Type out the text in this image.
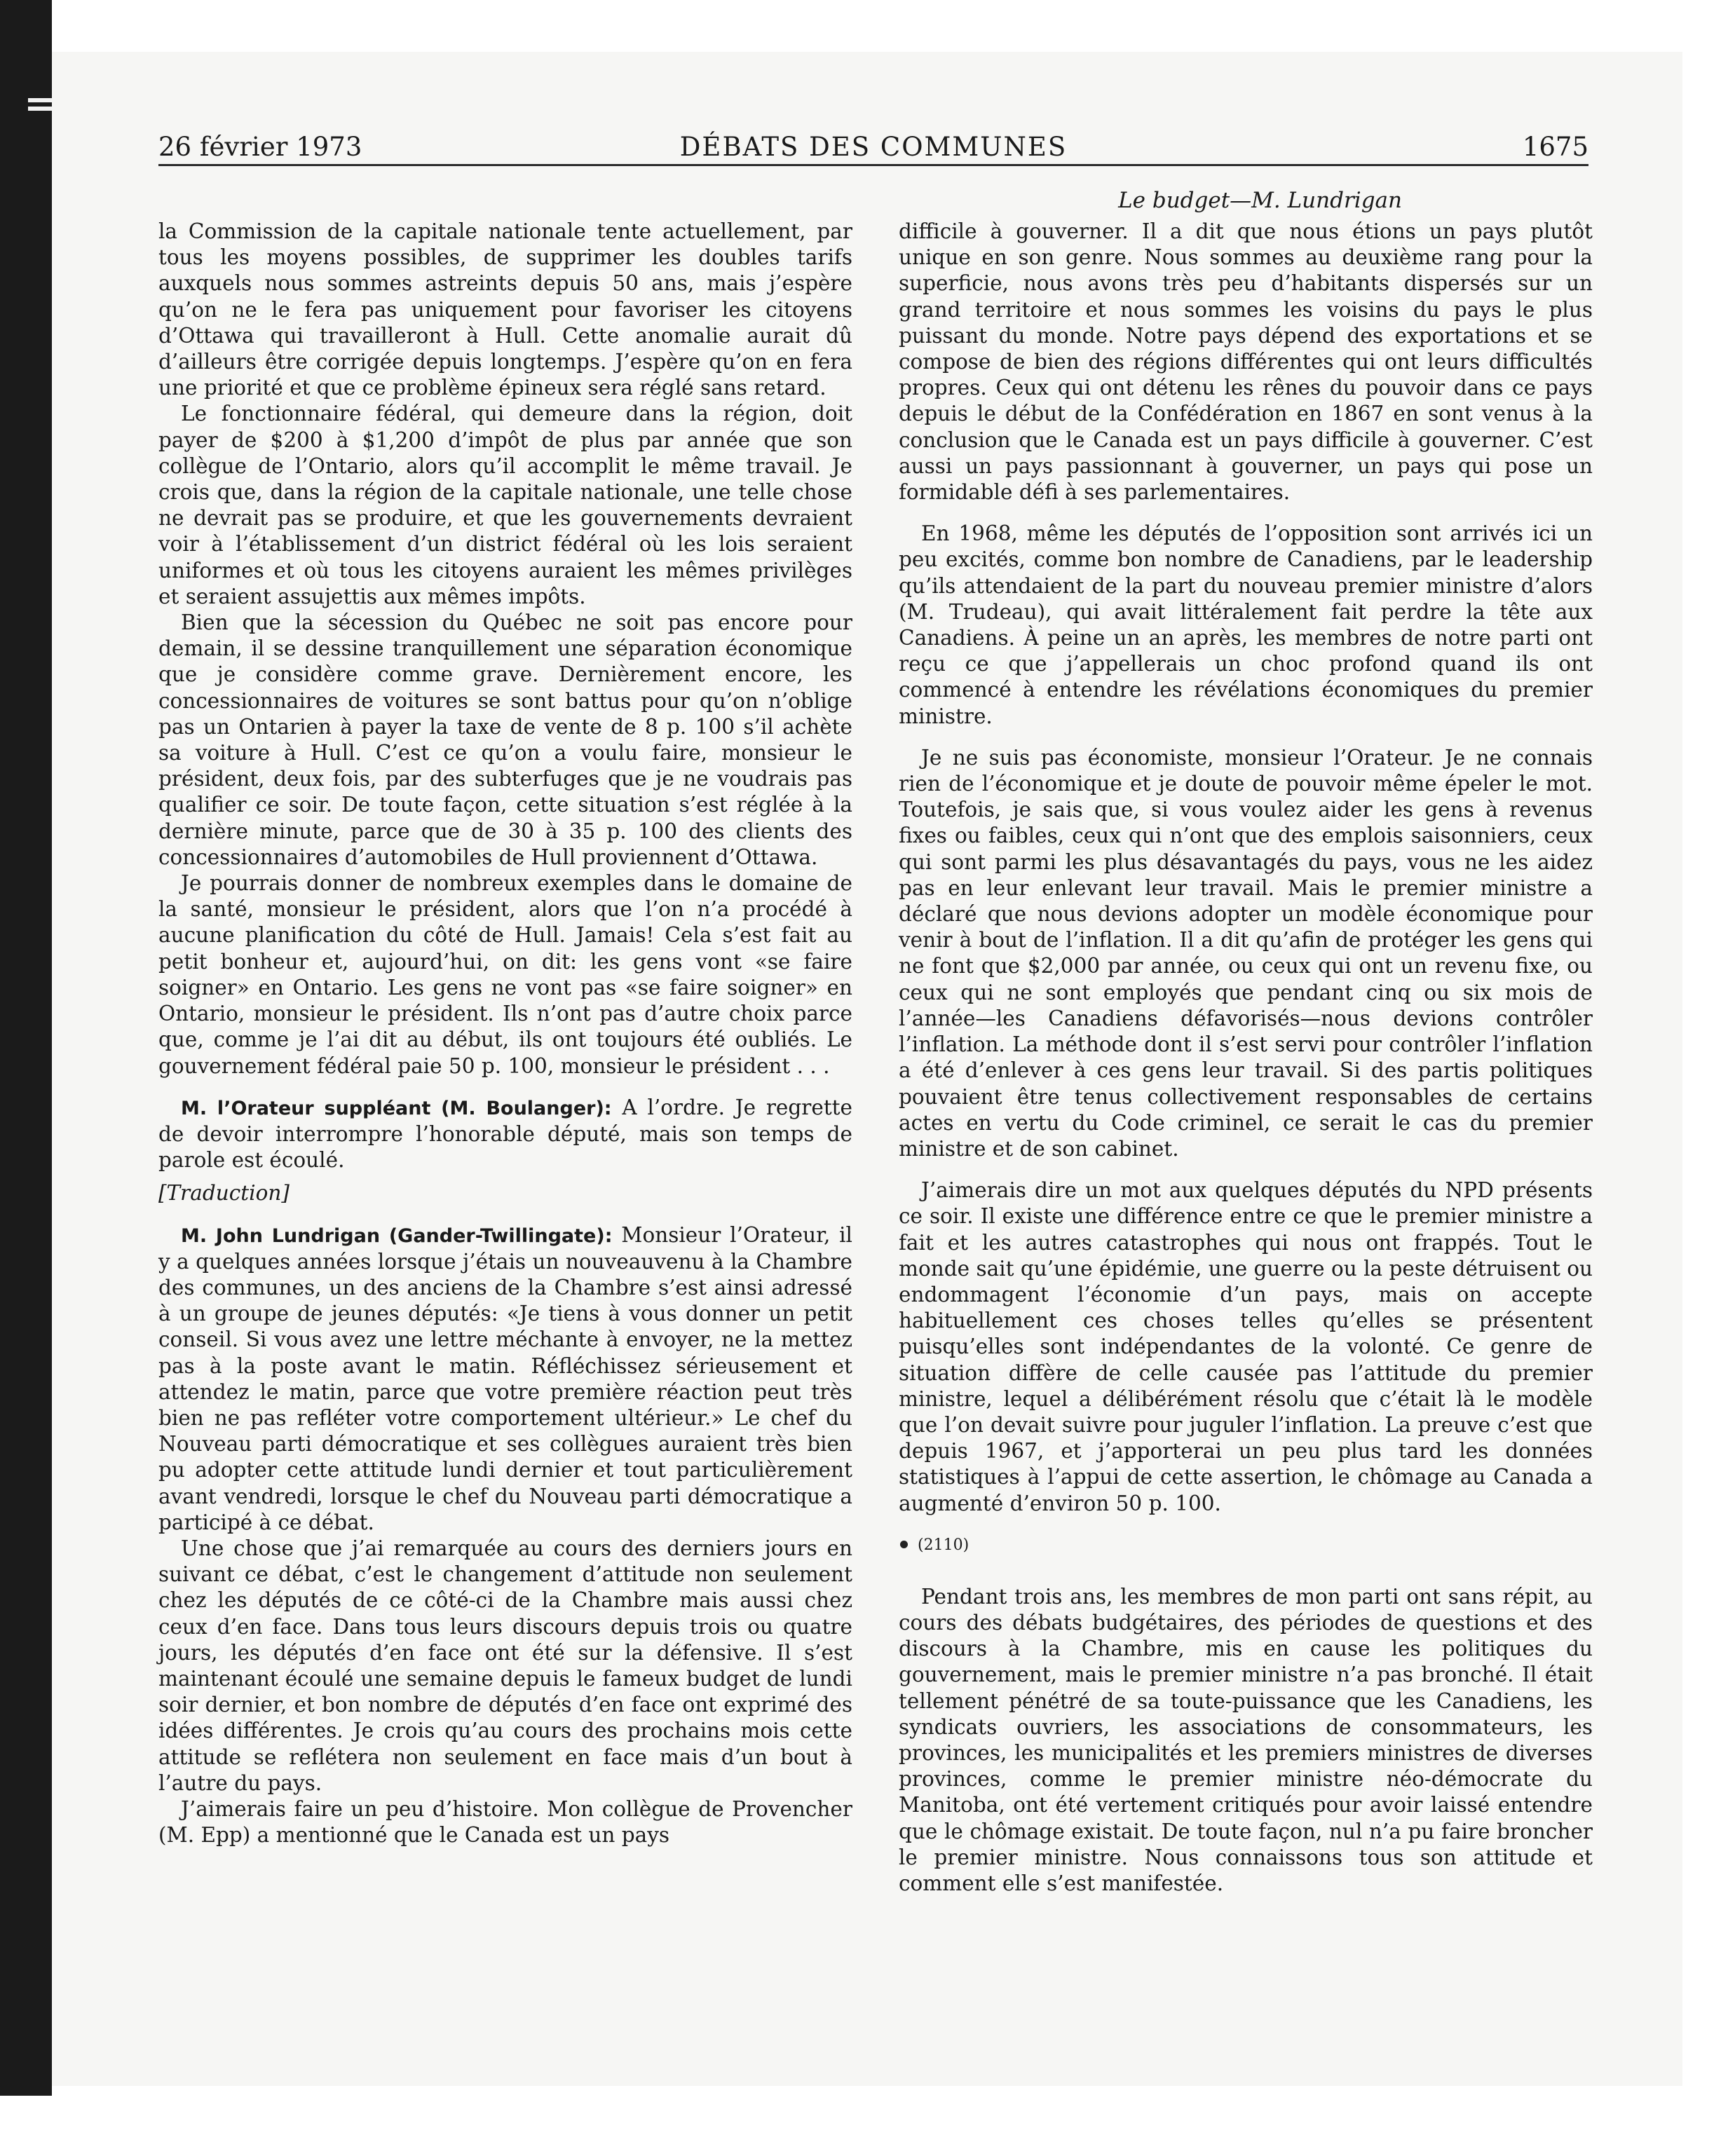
26 février 1973	DÉBATS DES COMMUNES	1675
Le budget—M. Lundrigan

la Commission de la capitale nationale tente actuellement, par tous les moyens possibles, de supprimer les doubles tarifs auxquels nous sommes astreints depuis 50 ans, mais j’espère qu’on ne le fera pas uniquement pour favoriser les citoyens d’Ottawa qui travailleront à Hull. Cette anomalie aurait dû d’ailleurs être corrigée depuis longtemps. J’espère qu’on en fera une priorité et que ce problème épineux sera réglé sans retard.

Le fonctionnaire fédéral, qui demeure dans la région, doit payer de $200 à $1,200 d’impôt de plus par année que son collègue de l’Ontario, alors qu’il accomplit le même travail. Je crois que, dans la région de la capitale nationale, une telle chose ne devrait pas se produire, et que les gouvernements devraient voir à l’établissement d’un district fédéral où les lois seraient uniformes et où tous les citoyens auraient les mêmes privilèges et seraient assujettis aux mêmes impôts.

Bien que la sécession du Québec ne soit pas encore pour demain, il se dessine tranquillement une séparation économique que je considère comme grave. Dernièrement encore, les concessionnaires de voitures se sont battus pour qu’on n’oblige pas un Ontarien à payer la taxe de vente de 8 p. 100 s’il achète sa voiture à Hull. C’est ce qu’on a voulu faire, monsieur le président, deux fois, par des subterfuges que je ne voudrais pas qualifier ce soir. De toute façon, cette situation s’est réglée à la dernière minute, parce que de 30 à 35 p. 100 des clients des concessionnaires d’automobiles de Hull proviennent d’Ottawa.

Je pourrais donner de nombreux exemples dans le domaine de la santé, monsieur le président, alors que l’on n’a procédé à aucune planification du côté de Hull. Jamais! Cela s’est fait au petit bonheur et, aujourd’hui, on dit: les gens vont «se faire soigner» en Ontario. Les gens ne vont pas «se faire soigner» en Ontario, monsieur le président. Ils n’ont pas d’autre choix parce que, comme je l’ai dit au début, ils ont toujours été oubliés. Le gouvernement fédéral paie 50 p. 100, monsieur le président . . .

M. l’Orateur suppléant (M. Boulanger): A l’ordre. Je regrette de devoir interrompre l’honorable député, mais son temps de parole est écoulé.

[Traduction]

M. John Lundrigan (Gander-Twillingate): Monsieur l’Orateur, il y a quelques années lorsque j’étais un nouveauvenu à la Chambre des communes, un des anciens de la Chambre s’est ainsi adressé à un groupe de jeunes députés: «Je tiens à vous donner un petit conseil. Si vous avez une lettre méchante à envoyer, ne la mettez pas à la poste avant le matin. Réfléchissez sérieusement et attendez le matin, parce que votre première réaction peut très bien ne pas refléter votre comportement ultérieur.» Le chef du Nouveau parti démocratique et ses collègues auraient très bien pu adopter cette attitude lundi dernier et tout particulièrement avant vendredi, lorsque le chef du Nouveau parti démocratique a participé à ce débat.

Une chose que j’ai remarquée au cours des derniers jours en suivant ce débat, c’est le changement d’attitude non seulement chez les députés de ce côté-ci de la Chambre mais aussi chez ceux d’en face. Dans tous leurs discours depuis trois ou quatre jours, les députés d’en face ont été sur la défensive. Il s’est maintenant écoulé une semaine depuis le fameux budget de lundi soir dernier, et bon nombre de députés d’en face ont exprimé des idées différentes. Je crois qu’au cours des prochains mois cette attitude se reflétera non seulement en face mais d’un bout à l’autre du pays.

J’aimerais faire un peu d’histoire. Mon collègue de Provencher (M. Epp) a mentionné que le Canada est un pays

difficile à gouverner. Il a dit que nous étions un pays plutôt unique en son genre. Nous sommes au deuxième rang pour la superficie, nous avons très peu d’habitants dispersés sur un grand territoire et nous sommes les voisins du pays le plus puissant du monde. Notre pays dépend des exportations et se compose de bien des régions différentes qui ont leurs difficultés propres. Ceux qui ont détenu les rênes du pouvoir dans ce pays depuis le début de la Confédération en 1867 en sont venus à la conclusion que le Canada est un pays difficile à gouverner. C’est aussi un pays passionnant à gouverner, un pays qui pose un formidable défi à ses parlementaires.

En 1968, même les députés de l’opposition sont arrivés ici un peu excités, comme bon nombre de Canadiens, par le leadership qu’ils attendaient de la part du nouveau premier ministre d’alors (M. Trudeau), qui avait littéralement fait perdre la tête aux Canadiens. À peine un an après, les membres de notre parti ont reçu ce que j’appellerais un choc profond quand ils ont commencé à entendre les révélations économiques du premier ministre.

Je ne suis pas économiste, monsieur l’Orateur. Je ne connais rien de l’économique et je doute de pouvoir même épeler le mot. Toutefois, je sais que, si vous voulez aider les gens à revenus fixes ou faibles, ceux qui n’ont que des emplois saisonniers, ceux qui sont parmi les plus désavantagés du pays, vous ne les aidez pas en leur enlevant leur travail. Mais le premier ministre a déclaré que nous devions adopter un modèle économique pour venir à bout de l’inflation. Il a dit qu’afin de protéger les gens qui ne font que $2,000 par année, ou ceux qui ont un revenu fixe, ou ceux qui ne sont employés que pendant cinq ou six mois de l’année—les Canadiens défavorisés—nous devions contrôler l’inflation. La méthode dont il s’est servi pour contrôler l’inflation a été d’enlever à ces gens leur travail. Si des partis politiques pouvaient être tenus collectivement responsables de certains actes en vertu du Code criminel, ce serait le cas du premier ministre et de son cabinet.

J’aimerais dire un mot aux quelques députés du NPD présents ce soir. Il existe une différence entre ce que le premier ministre a fait et les autres catastrophes qui nous ont frappés. Tout le monde sait qu’une épidémie, une guerre ou la peste détruisent ou endommagent l’économie d’un pays, mais on accepte habituellement ces choses telles qu’elles se présentent puisqu’elles sont indépendantes de la volonté. Ce genre de situation diffère de celle causée pas l’attitude du premier ministre, lequel a délibérément résolu que c’était là le modèle que l’on devait suivre pour juguler l’inflation. La preuve c’est que depuis 1967, et j’apporterai un peu plus tard les données statistiques à l’appui de cette assertion, le chômage au Canada a augmenté d’environ 50 p. 100.

(2110)

Pendant trois ans, les membres de mon parti ont sans répit, au cours des débats budgétaires, des périodes de questions et des discours à la Chambre, mis en cause les politiques du gouvernement, mais le premier ministre n’a pas bronché. Il était tellement pénétré de sa toute-puissance que les Canadiens, les syndicats ouvriers, les associations de consommateurs, les provinces, les municipalités et les premiers ministres de diverses provinces, comme le premier ministre néo-démocrate du Manitoba, ont été vertement critiqués pour avoir laissé entendre que le chômage existait. De toute façon, nul n’a pu faire broncher le premier ministre. Nous connaissons tous son attitude et comment elle s’est manifestée.
